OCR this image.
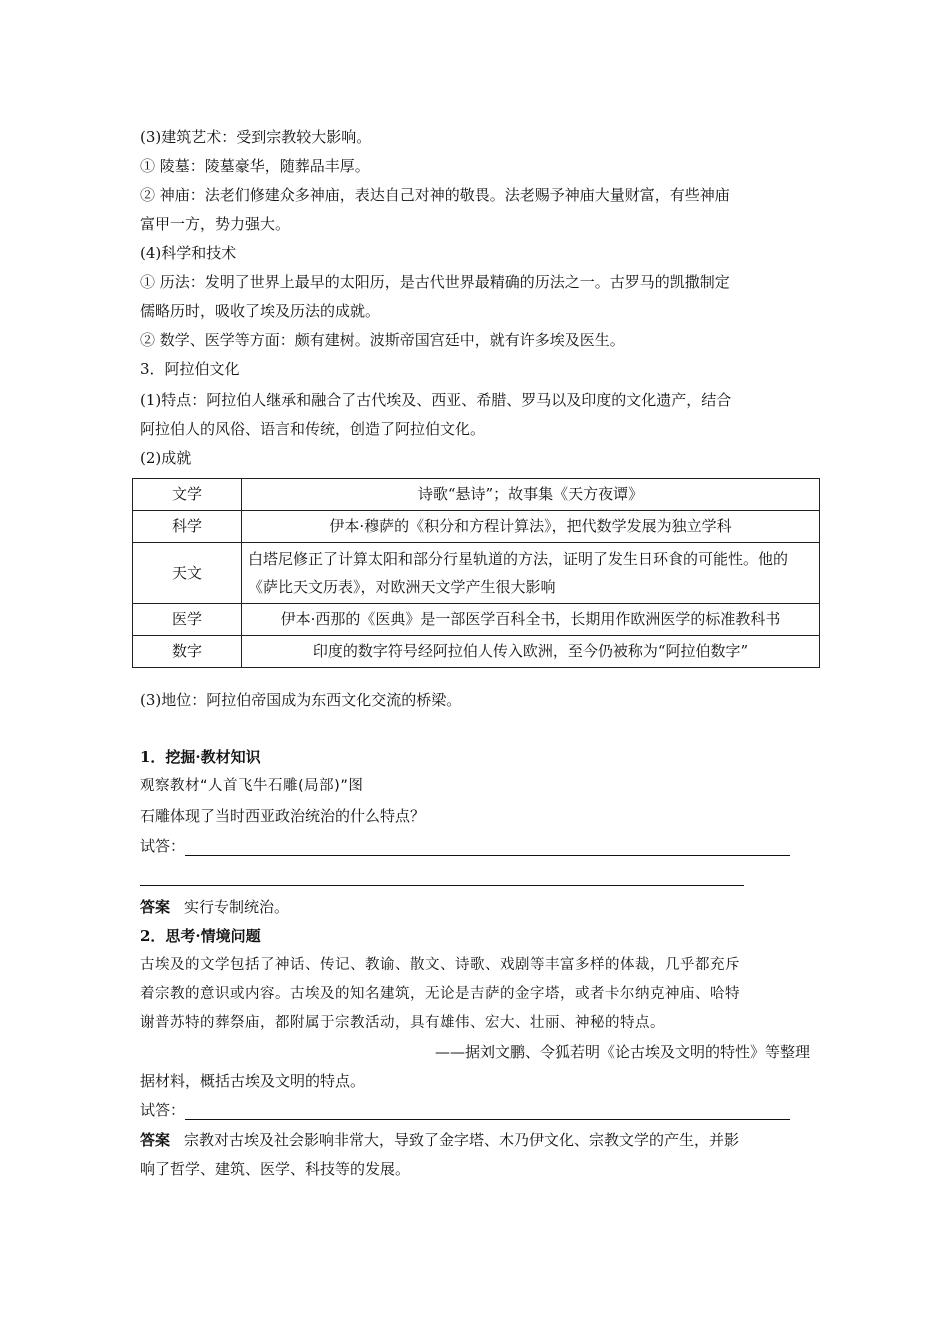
(3)建筑艺术：受到宗教较大影响。
① 陵墓：陵墓豪华，随葬品丰厚。
② 神庙：法老们修建众多神庙，表达自己对神的敬畏。法老赐予神庙大量财富，有些神庙
富甲一方，势力强大。
(4)科学和技术
① 历法：发明了世界上最早的太阳历，是古代世界最精确的历法之一。古罗马的凯撒制定
儒略历时，吸收了埃及历法的成就。
② 数学、医学等方面：颇有建树。波斯帝国宫廷中，就有许多埃及医生。
3．阿拉伯文化
(1)特点：阿拉伯人继承和融合了古代埃及、西亚、希腊、罗马以及印度的文化遗产，结合
阿拉伯人的风俗、语言和传统，创造了阿拉伯文化。
(2)成就
文学	诗歌“悬诗”；故事集《天方夜谭》
科学	伊本·穆萨的《积分和方程计算法》，把代数学发展为独立学科
天文	白塔尼修正了计算太阳和部分行星轨道的方法，证明了发生日环食的可能性。他的《萨比天文历表》，对欧洲天文学产生很大影响
医学	伊本·西那的《医典》是一部医学百科全书，长期用作欧洲医学的标准教科书
数字	印度的数字符号经阿拉伯人传入欧洲，至今仍被称为“阿拉伯数字”
(3)地位：阿拉伯帝国成为东西文化交流的桥梁。
1．挖掘·教材知识
观察教材“人首飞牛石雕(局部)”图
石雕体现了当时西亚政治统治的什么特点？
试答：
答案 实行专制统治。
2．思考·情境问题
古埃及的文学包括了神话、传记、教谕、散文、诗歌、戏剧等丰富多样的体裁，几乎都充斥
着宗教的意识或内容。古埃及的知名建筑，无论是吉萨的金字塔，或者卡尔纳克神庙、哈特
谢普苏特的葬祭庙，都附属于宗教活动，具有雄伟、宏大、壮丽、神秘的特点。
——据刘文鹏、令狐若明《论古埃及文明的特性》等整理
据材料，概括古埃及文明的特点。
试答：
答案 宗教对古埃及社会影响非常大，导致了金字塔、木乃伊文化、宗教文学的产生，并影
响了哲学、建筑、医学、科技等的发展。
